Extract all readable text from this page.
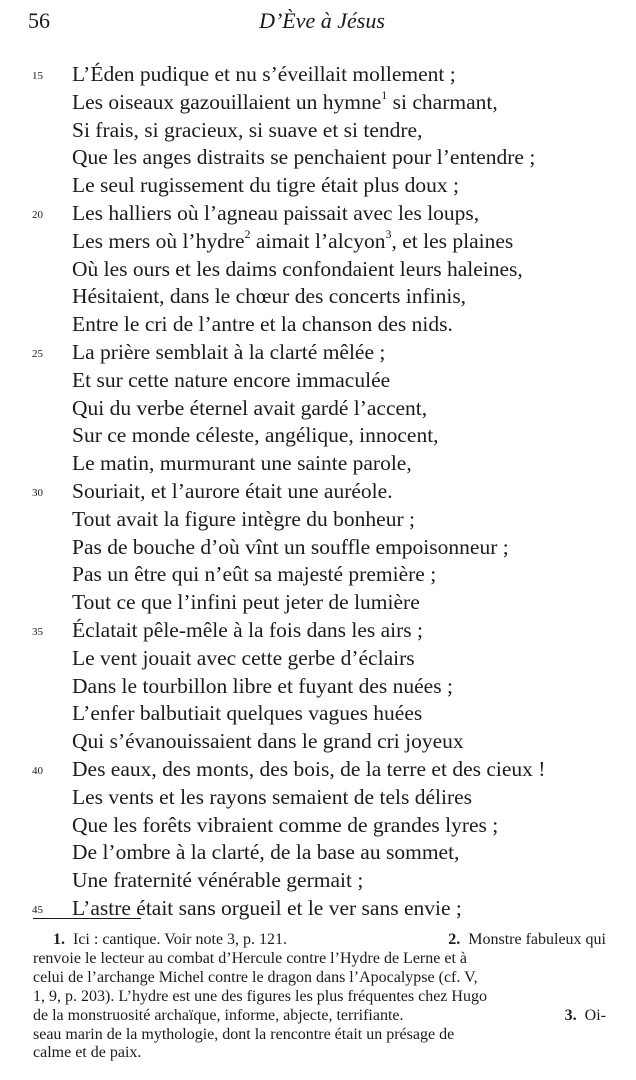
56	D’Ève à Jésus
15 L’Éden pudique et nu s’éveillait mollement ;
Les oiseaux gazouillaient un hymne$^1$ si charmant,
Si frais, si gracieux, si suave et si tendre,
Que les anges distraits se penchaient pour l’entendre ;
Le seul rugissement du tigre était plus doux ;
20 Les halliers où l’agneau paissait avec les loups,
Les mers où l’hydre$^2$ aimait l’alcyon$^3$, et les plaines
Où les ours et les daims confondaient leurs haleines,
Hésitaient, dans le chœur des concerts infinis,
Entre le cri de l’antre et la chanson des nids.
25 La prière semblait à la clarté mêlée ;
Et sur cette nature encore immaculée
Qui du verbe éternel avait gardé l’accent,
Sur ce monde céleste, angélique, innocent,
Le matin, murmurant une sainte parole,
30 Souriait, et l’aurore était une auréole.
Tout avait la figure intègre du bonheur ;
Pas de bouche d’où vînt un souffle empoisonneur ;
Pas un être qui n’eût sa majesté première ;
Tout ce que l’infini peut jeter de lumière
35 Éclatait pêle-mêle à la fois dans les airs ;
Le vent jouait avec cette gerbe d’éclairs
Dans le tourbillon libre et fuyant des nuées ;
L’enfer balbutiait quelques vagues huées
Qui s’évanouissaient dans le grand cri joyeux
40 Des eaux, des monts, des bois, de la terre et des cieux !
Les vents et les rayons semaient de tels délires
Que les forêts vibraient comme de grandes lyres ;
De l’ombre à la clarté, de la base au sommet,
Une fraternité vénérable germait ;
45 L’astre était sans orgueil et le ver sans envie ;
1. Ici : cantique. Voir note 3, p. 121.	2. Monstre fabuleux qui
renvoie le lecteur au combat d’Hercule contre l’Hydre de Lerne et à
celui de l’archange Michel contre le dragon dans l’Apocalypse (cf. V,
1, 9, p. 203). L’hydre est une des figures les plus fréquentes chez Hugo
de la monstruosité archaïque, informe, abjecte, terrifiante.	3. Oi-
seau marin de la mythologie, dont la rencontre était un présage de
calme et de paix.
